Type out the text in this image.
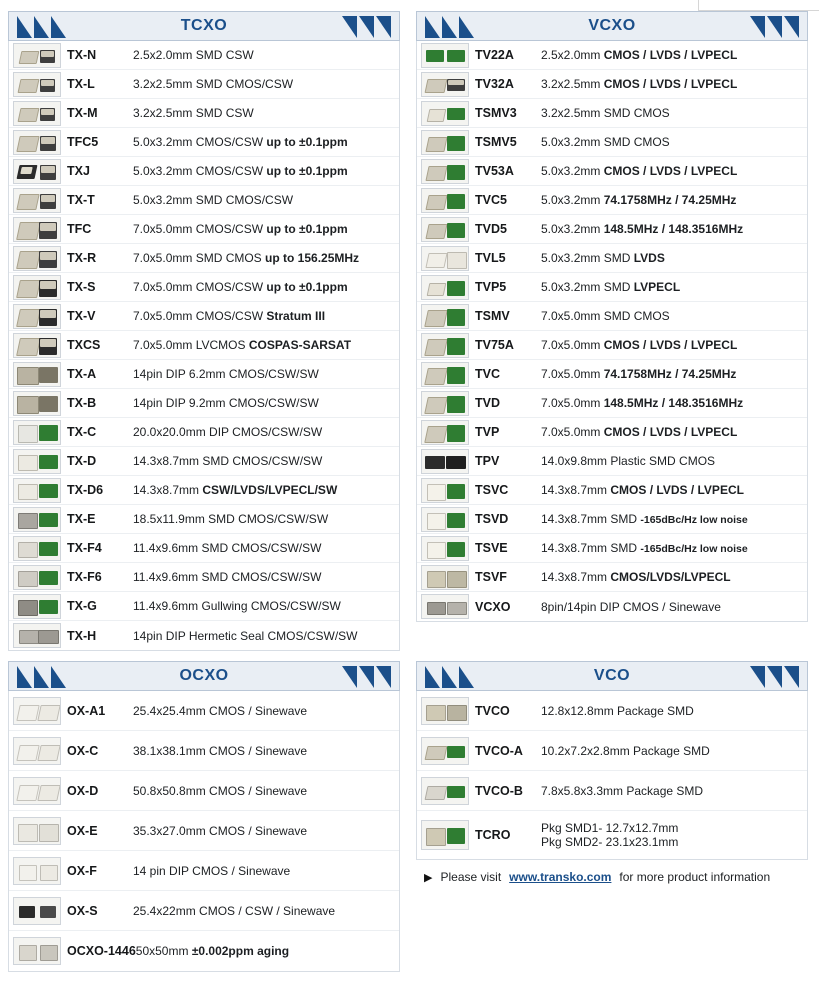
TCXO
TX-N	2.5x2.0mm SMD CSW
TX-L	3.2x2.5mm SMD CMOS/CSW
TX-M	3.2x2.5mm SMD CSW
TFC5	5.0x3.2mm CMOS/CSW up to ±0.1ppm
TXJ	5.0x3.2mm CMOS/CSW up to ±0.1ppm
TX-T	5.0x3.2mm SMD CMOS/CSW
TFC	7.0x5.0mm CMOS/CSW up to ±0.1ppm
TX-R	7.0x5.0mm SMD CMOS up to 156.25MHz
TX-S	7.0x5.0mm CMOS/CSW up to ±0.1ppm
TX-V	7.0x5.0mm CMOS/CSW Stratum III
TXCS	7.0x5.0mm LVCMOS COSPAS-SARSAT
TX-A	14pin DIP 6.2mm CMOS/CSW/SW
TX-B	14pin DIP 9.2mm CMOS/CSW/SW
TX-C	20.0x20.0mm DIP CMOS/CSW/SW
TX-D	14.3x8.7mm SMD CMOS/CSW/SW
TX-D6	14.3x8.7mm CSW/LVDS/LVPECL/SW
TX-E	18.5x11.9mm SMD CMOS/CSW/SW
TX-F4	11.4x9.6mm SMD CMOS/CSW/SW
TX-F6	11.4x9.6mm SMD CMOS/CSW/SW
TX-G	11.4x9.6mm Gullwing CMOS/CSW/SW
TX-H	14pin DIP Hermetic Seal CMOS/CSW/SW
VCXO
TV22A	2.5x2.0mm CMOS / LVDS / LVPECL
TV32A	3.2x2.5mm CMOS / LVDS / LVPECL
TSMV3	3.2x2.5mm SMD CMOS
TSMV5	5.0x3.2mm SMD CMOS
TV53A	5.0x3.2mm CMOS / LVDS / LVPECL
TVC5	5.0x3.2mm 74.1758MHz / 74.25MHz
TVD5	5.0x3.2mm 148.5MHz / 148.3516MHz
TVL5	5.0x3.2mm SMD LVDS
TVP5	5.0x3.2mm SMD LVPECL
TSMV	7.0x5.0mm SMD CMOS
TV75A	7.0x5.0mm CMOS / LVDS / LVPECL
TVC	7.0x5.0mm 74.1758MHz / 74.25MHz
TVD	7.0x5.0mm 148.5MHz / 148.3516MHz
TVP	7.0x5.0mm CMOS / LVDS / LVPECL
TPV	14.0x9.8mm Plastic SMD CMOS
TSVC	14.3x8.7mm CMOS / LVDS / LVPECL
TSVD	14.3x8.7mm SMD -165dBc/Hz low noise
TSVE	14.3x8.7mm SMD -165dBc/Hz low noise
TSVF	14.3x8.7mm CMOS/LVDS/LVPECL
VCXO	8pin/14pin DIP CMOS / Sinewave
OCXO
OX-A1	25.4x25.4mm CMOS / Sinewave
OX-C	38.1x38.1mm CMOS / Sinewave
OX-D	50.8x50.8mm CMOS / Sinewave
OX-E	35.3x27.0mm CMOS / Sinewave
OX-F	14 pin DIP CMOS / Sinewave
OX-S	25.4x22mm CMOS / CSW / Sinewave
OCXO-1446 50x50mm ±0.002ppm aging
VCO
TVCO	12.8x12.8mm Package SMD
TVCO-A	10.2x7.2x2.8mm Package SMD
TVCO-B	7.8x5.8x3.3mm Package SMD
TCRO	Pkg SMD1- 12.7x12.7mm
Pkg SMD2- 23.1x23.1mm
▶ Please visit www.transko.com for more product information
